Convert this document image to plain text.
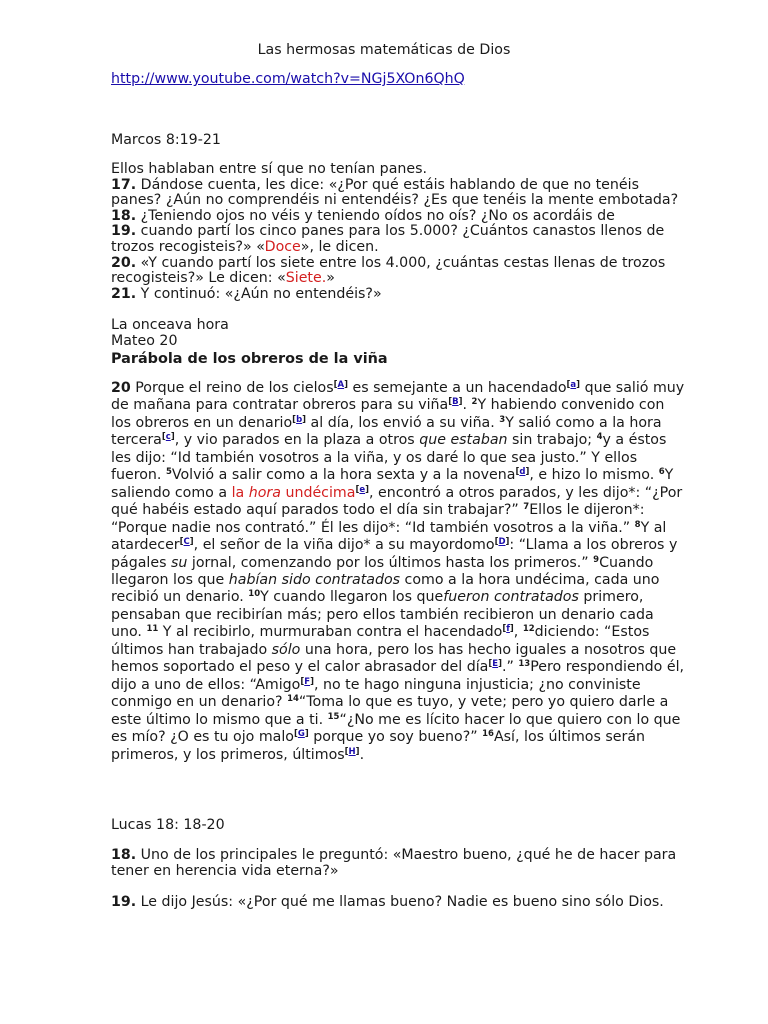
Las hermosas matemáticas de Dios
http://www.youtube.com/watch?v=NGj5XOn6QhQ
Marcos 8:19-21
Ellos hablaban entre sí que no tenían panes.
17. Dándose cuenta, les dice: «¿Por qué estáis hablando de que no tenéis
panes? ¿Aún no comprendéis ni entendéis? ¿Es que tenéis la mente embotada?
18. ¿Teniendo ojos no véis y teniendo oídos no oís? ¿No os acordáis de
19. cuando partí los cinco panes para los 5.000? ¿Cuántos canastos llenos de
trozos recogisteis?» «Doce», le dicen.
20. «Y cuando partí los siete entre los 4.000, ¿cuántas cestas llenas de trozos
recogisteis?» Le dicen: «Siete.»
21. Y continuó: «¿Aún no entendéis?»
La onceava hora
Mateo 20
Parábola de los obreros de la viña
20 Porque el reino de los cielos[A] es semejante a un hacendado[a] que salió muy
de mañana para contratar obreros para su viña[B]. $^2$Y habiendo convenido con
los obreros en un denario[b] al día, los envió a su viña. $^3$Y salió como a la hora
tercera[c], y vio parados en la plaza a otros que estaban sin trabajo; $^4$y a éstos
les dijo: “Id también vosotros a la viña, y os daré lo que sea justo.” Y ellos
fueron. $^5$Volvió a salir como a la hora sexta y a la novena[d], e hizo lo mismo. $^6$Y
saliendo como a la hora undécima[e], encontró a otros parados, y les dijo*: “¿Por
qué habéis estado aquí parados todo el día sin trabajar?” $^7$Ellos le dijeron*:
“Porque nadie nos contrató.” Él les dijo*: “Id también vosotros a la viña.” $^8$Y al
atardecer[C], el señor de la viña dijo* a su mayordomo[D]: “Llama a los obreros y
págales su jornal, comenzando por los últimos hasta los primeros.” $^9$Cuando
llegaron los que habían sido contratados como a la hora undécima, cada uno
recibió un denario. $^{10}$Y cuando llegaron los quefueron contratados primero,
pensaban que recibirían más; pero ellos también recibieron un denario cada
uno. $^{11}$ Y al recibirlo, murmuraban contra el hacendado[f], $^{12}$diciendo: “Estos
últimos han trabajado sólo una hora, pero los has hecho iguales a nosotros que
hemos soportado el peso y el calor abrasador del día[E].” $^{13}$Pero respondiendo él,
dijo a uno de ellos: “Amigo[F], no te hago ninguna injusticia; ¿no conviniste
conmigo en un denario? $^{14}$“Toma lo que es tuyo, y vete; pero yo quiero darle a
este último lo mismo que a ti. $^{15}$“¿No me es lícito hacer lo que quiero con lo que
es mío? ¿O es tu ojo malo[G] porque yo soy bueno?” $^{16}$Así, los últimos serán
primeros, y los primeros, últimos[H].
Lucas 18: 18-20
18. Uno de los principales le preguntó: «Maestro bueno, ¿qué he de hacer para
tener en herencia vida eterna?»
19. Le dijo Jesús: «¿Por qué me llamas bueno? Nadie es bueno sino sólo Dios.
